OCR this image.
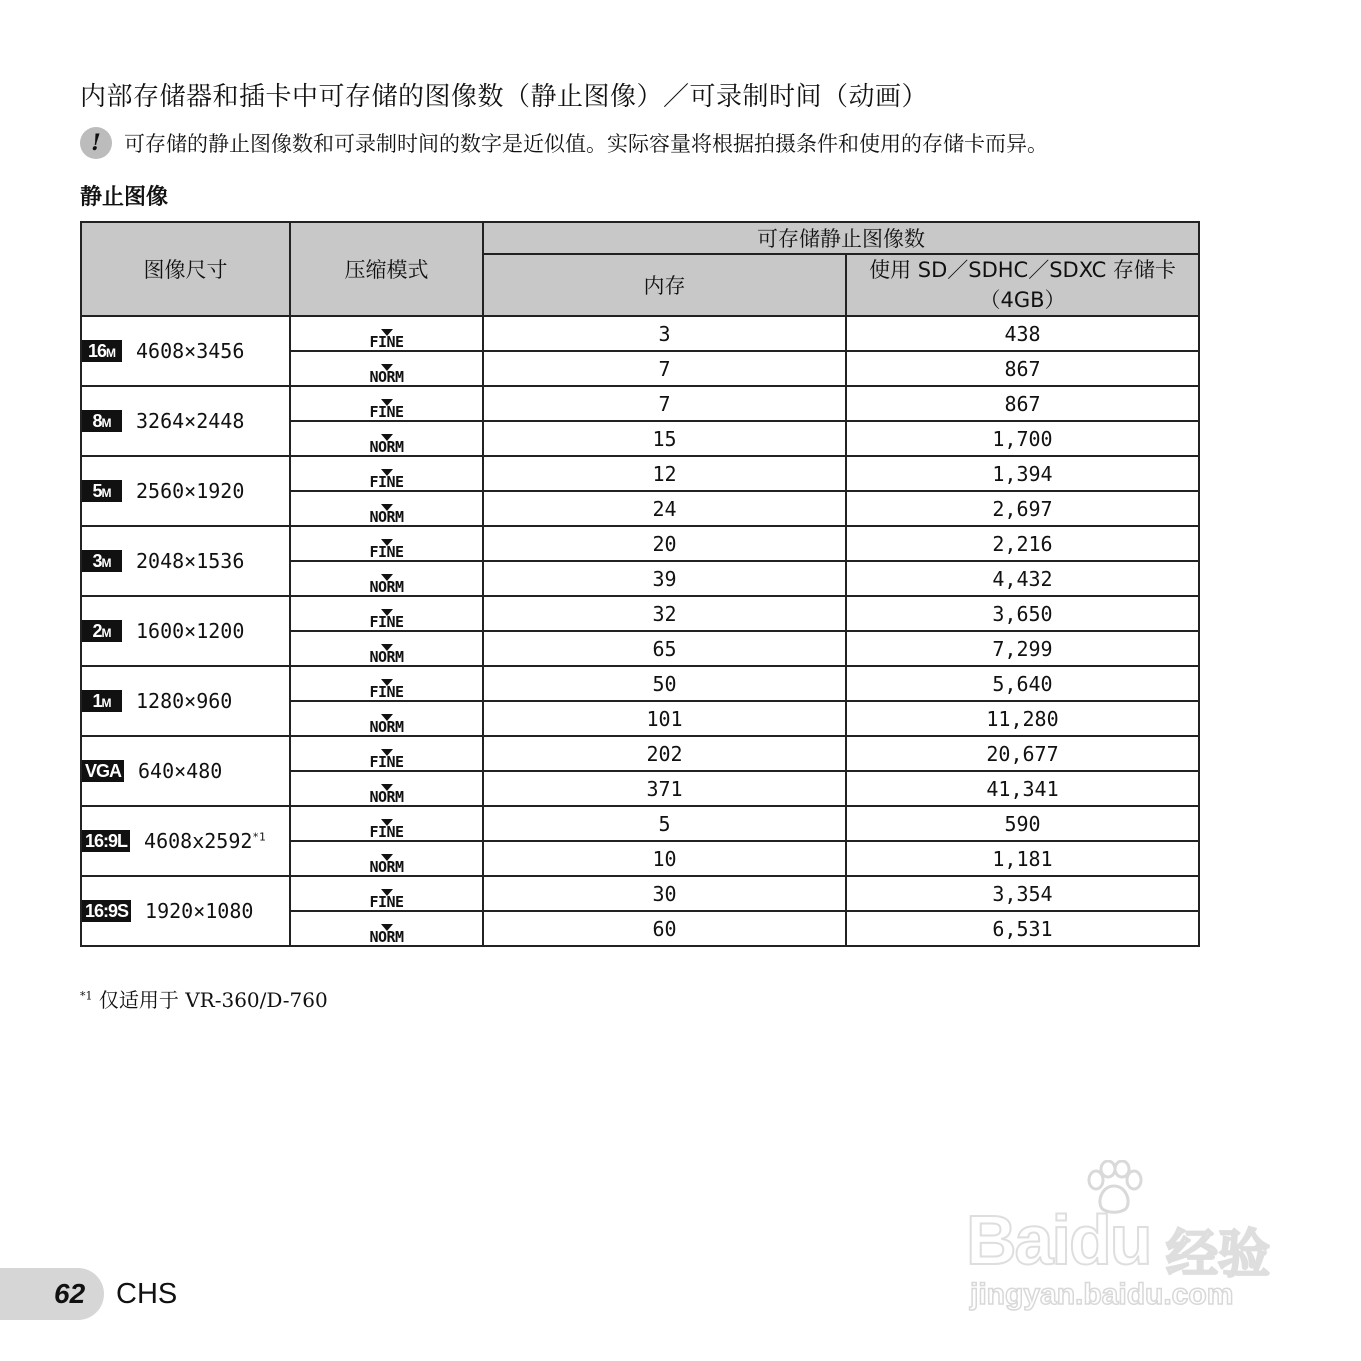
内部存储器和插卡中可存储的图像数（静止图像）／可录制时间（动画）
!	可存储的静止图像数和可录制时间的数字是近似值。实际容量将根据拍摄条件和使用的存储卡而异。
静止图像
图像尺寸	压缩模式	可存储静止图像数	
		内存	使用 SD／SDHC／SDXC 存储卡
（4GB）

16M 4608×3456	FINE	3	438

	NORM	7	867

8M 3264×2448	FINE	7	867

	NORM	15	1,700

5M 2560×1920	FINE	12	1,394

	NORM	24	2,697

3M 2048×1536	FINE	20	2,216

	NORM	39	4,432

2M 1600×1200	FINE	32	3,650

	NORM	65	7,299

1M 1280×960	FINE	50	5,640

	NORM	101	11,280

VGA 640×480	FINE	202	20,677

	NORM	371	41,341

16:9L 4608x2592$^{*1}$	FINE	5	590

	NORM	10	1,181

16:9S 1920×1080	FINE	30	3,354

	NORM	60	6,531
$^{*1}$ 仅适用于 VR-360/D-760
62 CHS
Baidu 经验
jingyan.baidu.com
